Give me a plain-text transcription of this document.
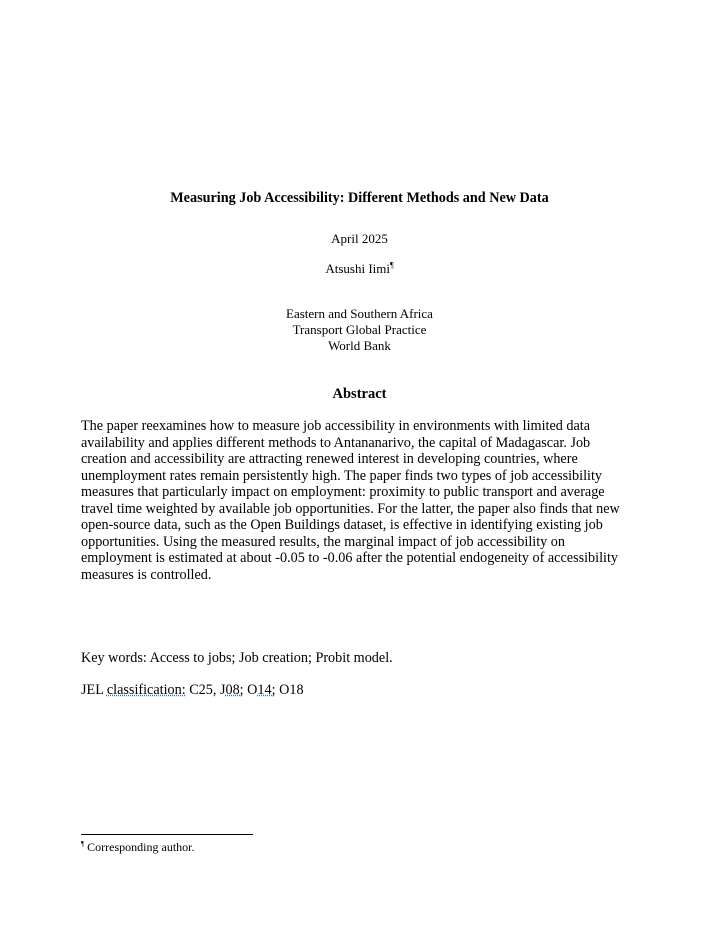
Measuring Job Accessibility: Different Methods and New Data
April 2025
Atsushi Iimi¶
Eastern and Southern Africa
Transport Global Practice
World Bank
Abstract
The paper reexamines how to measure job accessibility in environments with limited data
availability and applies different methods to Antananarivo, the capital of Madagascar. Job
creation and accessibility are attracting renewed interest in developing countries, where
unemployment rates remain persistently high. The paper finds two types of job accessibility
measures that particularly impact on employment: proximity to public transport and average
travel time weighted by available job opportunities. For the latter, the paper also finds that new
open-source data, such as the Open Buildings dataset, is effective in identifying existing job
opportunities. Using the measured results, the marginal impact of job accessibility on
employment is estimated at about -0.05 to -0.06 after the potential endogeneity of accessibility
measures is controlled.
Key words: Access to jobs; Job creation; Probit model.
JEL classification: C25, J08; O14; O18
¶ Corresponding author.
